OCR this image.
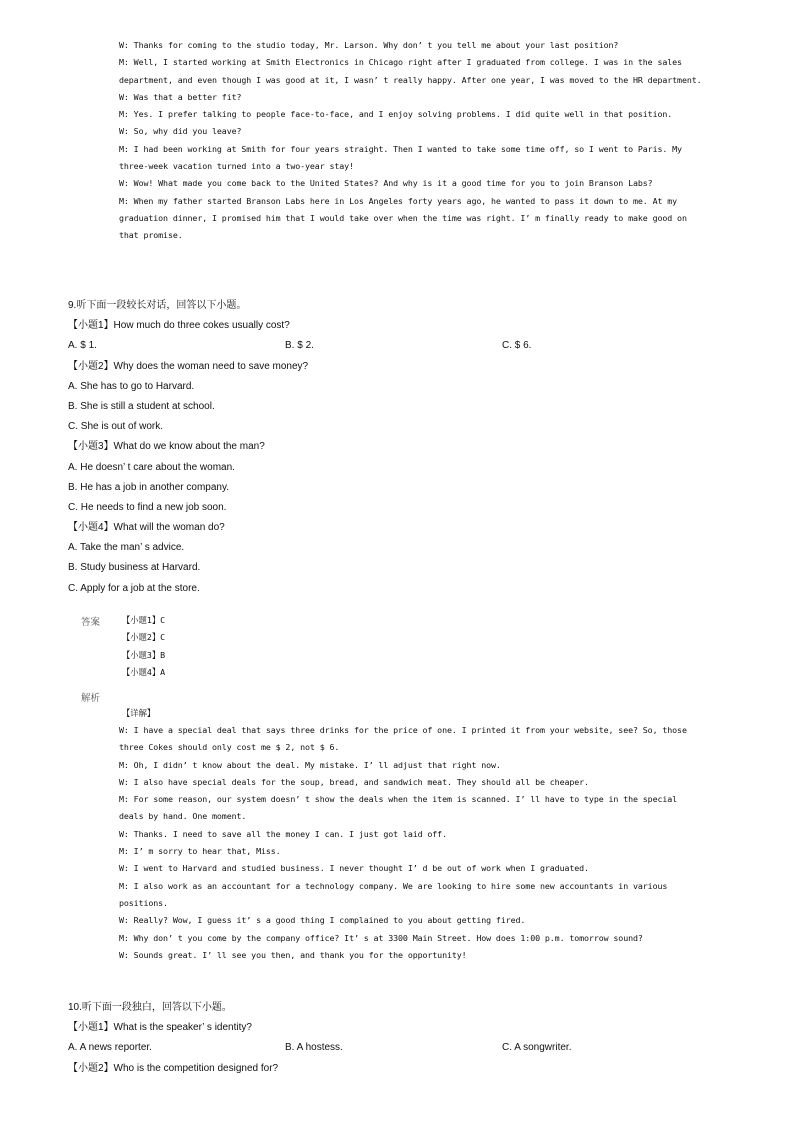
W: Thanks for coming to the studio today, Mr. Larson. Why don’ t you tell me about your last position?

M: Well, I started working at Smith Electronics in Chicago right after I graduated from college. I was in the sales department, and even though I was good at it, I wasn’ t really happy. After one year, I was moved to the HR department.

W: Was that a better fit?

M: Yes. I prefer talking to people face-to-face, and I enjoy solving problems. I did quite well in that position.

W: So, why did you leave?

M: I had been working at Smith for four years straight. Then I wanted to take some time off, so I went to Paris. My three-week vacation turned into a two-year stay!

W: Wow! What made you come back to the United States? And why is it a good time for you to join Branson Labs?

M: When my father started Branson Labs here in Los Angeles forty years ago, he wanted to pass it down to me. At my graduation dinner, I promised him that I would take over when the time was right. I’ m finally ready to make good on that promise.

9.听下面一段较长对话，回答以下小题。
【小题1】How much do three cokes usually cost?
A. $ 1.	B. $ 2.	C. $ 6.
【小题2】Why does the woman need to save money?
A. She has to go to Harvard.
B. She is still a student at school.
C. She is out of work.
【小题3】What do we know about the man?
A. He doesn’ t care about the woman.
B. He has a job in another company.
C. He needs to find a new job soon.
【小题4】What will the woman do?
A. Take the man’ s advice.
B. Study business at Harvard.
C. Apply for a job at the store.
答案	【小题1】C
【小题2】C
【小题3】B
【小题4】A
解析
【详解】

W: I have a special deal that says three drinks for the price of one. I printed it from your website, see? So, those three Cokes should only cost me $ 2, not $ 6.

M: Oh, I didn’ t know about the deal. My mistake. I’ ll adjust that right now.

W: I also have special deals for the soup, bread, and sandwich meat. They should all be cheaper.

M: For some reason, our system doesn’ t show the deals when the item is scanned. I’ ll have to type in the special deals by hand. One moment.

W: Thanks. I need to save all the money I can. I just got laid off.

M: I’ m sorry to hear that, Miss.

W: I went to Harvard and studied business. I never thought I’ d be out of work when I graduated.

M: I also work as an accountant for a technology company. We are looking to hire some new accountants in various positions.

W: Really? Wow, I guess it’ s a good thing I complained to you about getting fired.

M: Why don’ t you come by the company office? It’ s at 3300 Main Street. How does 1:00 p.m. tomorrow sound?

W: Sounds great. I’ ll see you then, and thank you for the opportunity!

10.听下面一段独白，回答以下小题。
【小题1】What is the speaker’ s identity?
A. A news reporter.	B. A hostess.	C. A songwriter.
【小题2】Who is the competition designed for?
